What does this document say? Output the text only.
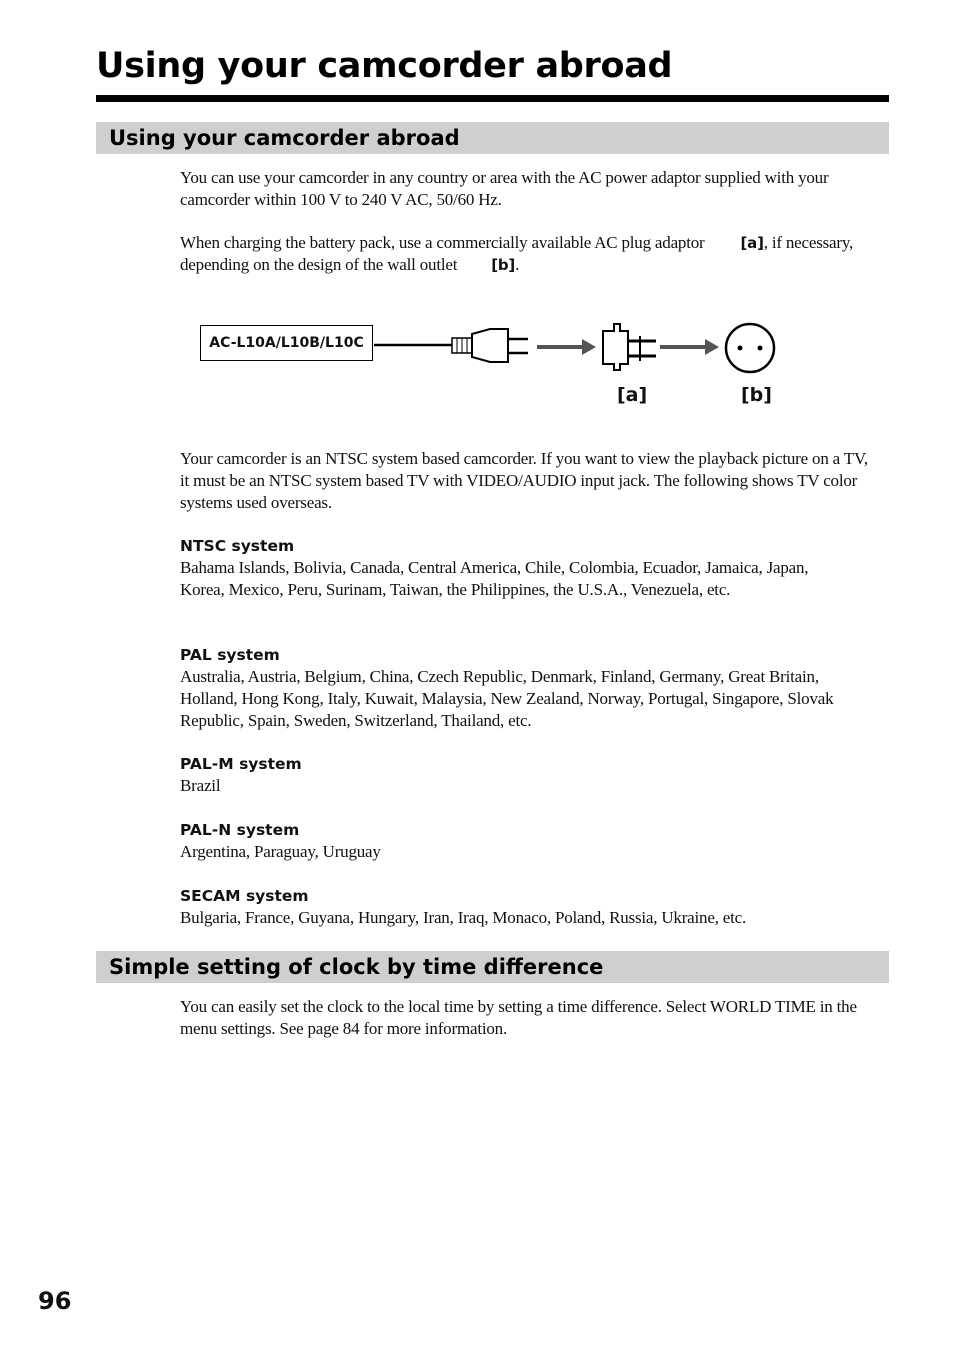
Using your camcorder abroad
Using your camcorder abroad

You can use your camcorder in any country or area with the AC power adaptor supplied with your camcorder within 100 V to 240 V AC, 50/60 Hz.

When charging the battery pack, use a commercially available AC plug adaptor [a], if necessary, depending on the design of the wall outlet [b].

AC-L10A/L10B/L10C
[a]	[b]

Your camcorder is an NTSC system based camcorder. If you want to view the playback picture on a TV, it must be an NTSC system based TV with VIDEO/AUDIO input jack. The following shows TV color systems used overseas.

NTSC system

Bahama Islands, Bolivia, Canada, Central America, Chile, Colombia, Ecuador, Jamaica, Japan, Korea, Mexico, Peru, Surinam, Taiwan, the Philippines, the U.S.A., Venezuela, etc.

PAL system

Australia, Austria, Belgium, China, Czech Republic, Denmark, Finland, Germany, Great Britain, Holland, Hong Kong, Italy, Kuwait, Malaysia, New Zealand, Norway, Portugal, Singapore, Slovak Republic, Spain, Sweden, Switzerland, Thailand, etc.

PAL-M system

Brazil

PAL-N system

Argentina, Paraguay, Uruguay

SECAM system

Bulgaria, France, Guyana, Hungary, Iran, Iraq, Monaco, Poland, Russia, Ukraine, etc.

Simple setting of clock by time difference

You can easily set the clock to the local time by setting a time difference. Select WORLD TIME in the menu settings. See page 84 for more information.

96
